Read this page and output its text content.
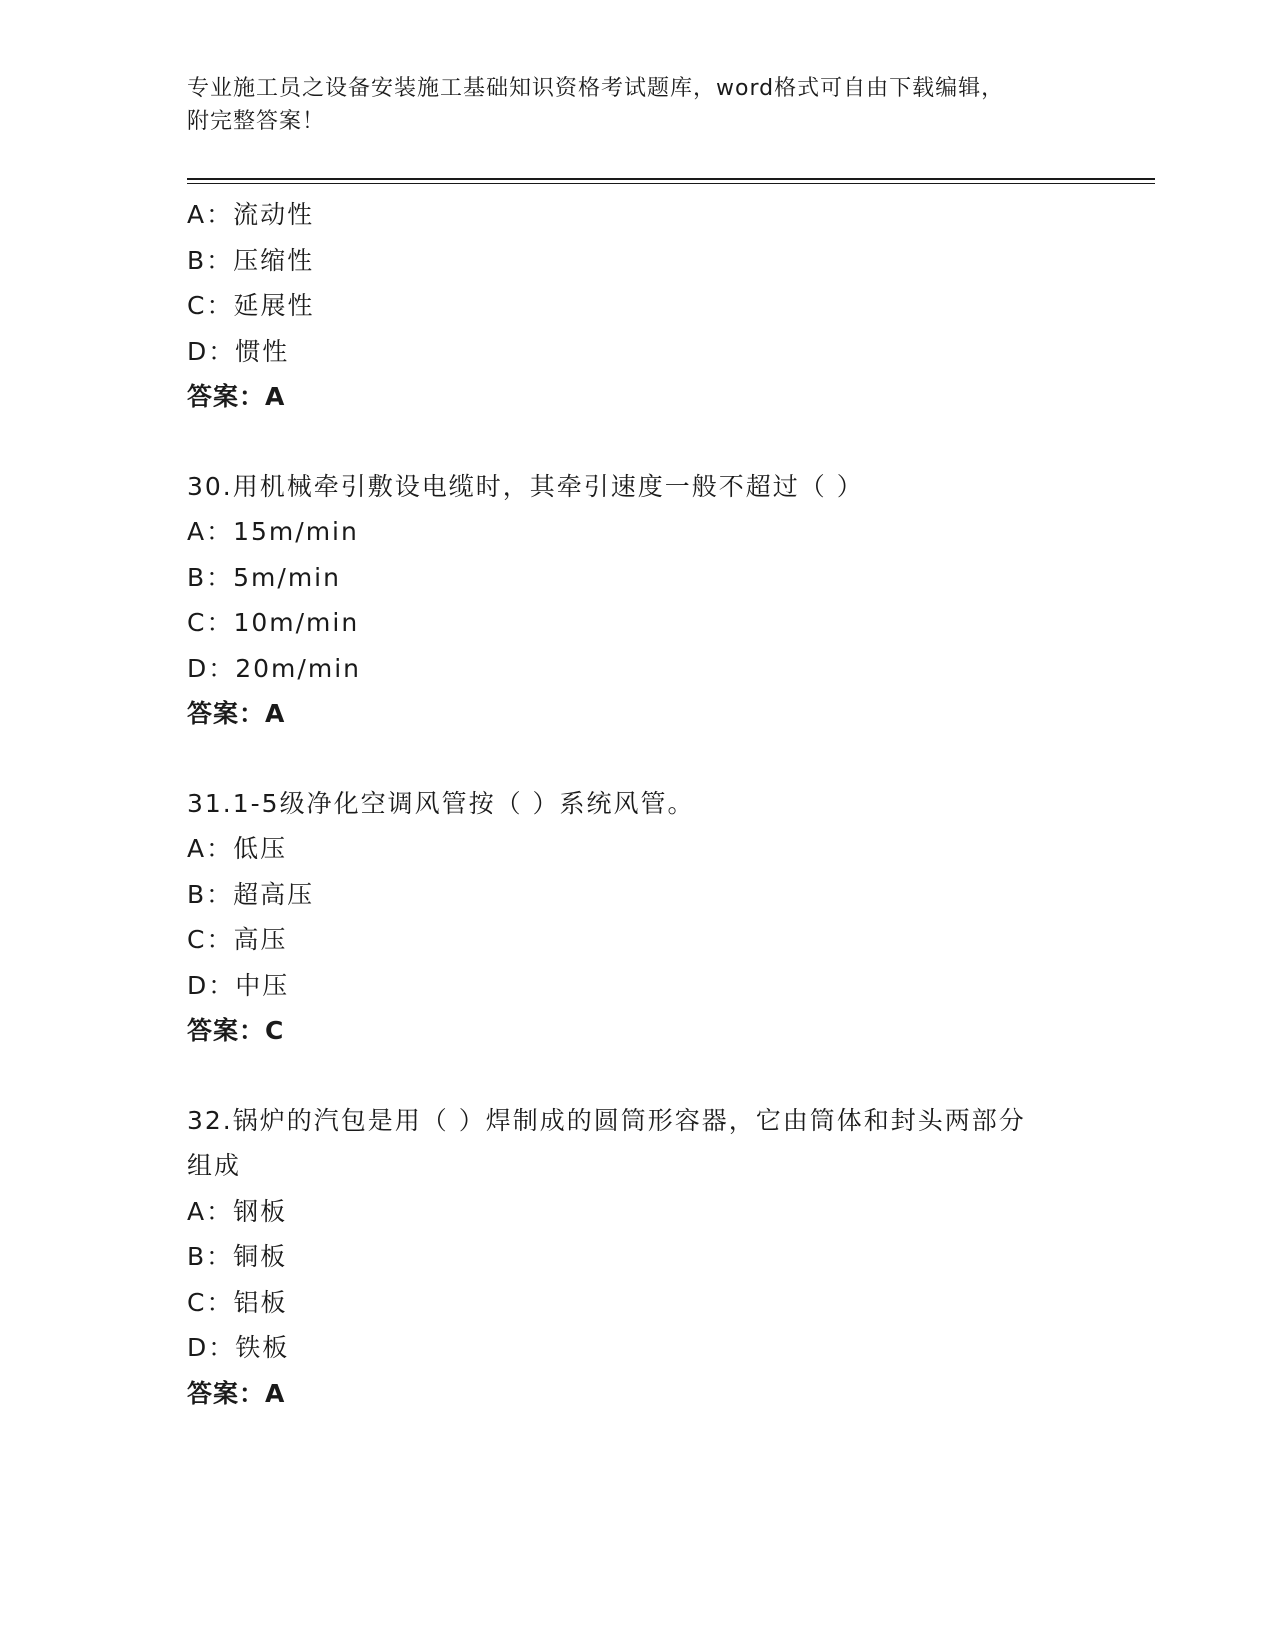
专业施工员之设备安装施工基础知识资格考试题库，word格式可自由下载编辑，
附完整答案！
A：流动性
B：压缩性
C：延展性
D：惯性
答案：A
30.用机械牵引敷设电缆时，其牵引速度一般不超过（ ）
A：15m/min
B：5m/min
C：10m/min
D：20m/min
答案：A
31.1-5级净化空调风管按（ ）系统风管。
A：低压
B：超高压
C：高压
D：中压
答案：C
32.锅炉的汽包是用（ ）焊制成的圆筒形容器，它由筒体和封头两部分组成
A：钢板
B：铜板
C：铝板
D：铁板
答案：A
